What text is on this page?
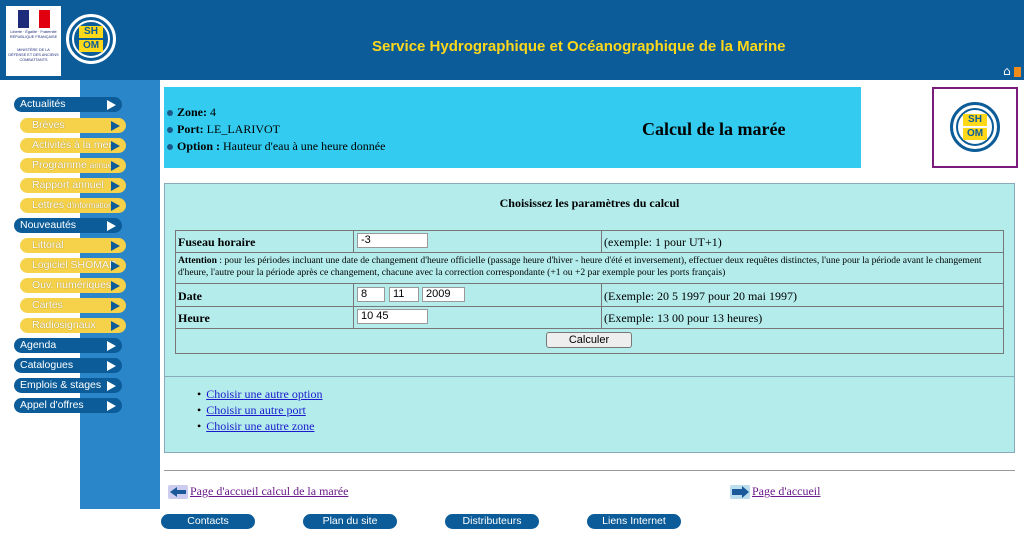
Liberté · Égalité · Fraternité RÉPUBLIQUE FRANÇAISE
MINISTÈRE DE LA DÉFENSE ET DES ANCIENS COMBATTANTS
SH
OM	Service Hydrographique et Océanographique de la Marine
⌂
Actualités
Brèves
Activités à la mer
Programme annuel
Rapport annuel
Lettres d'information
Nouveautés
Littoral
Logiciel SHOMAR
Ouv. numériques
Cartes
Radiosignaux
Agenda
Catalogues
Emplois & stages
Appel d'offres
Zone: 4
Port: LE_LARIVOT
Option : Hauteur d'eau à une heure donnée
Calcul de la marée	SH
OM
Choisissez les paramètres du calcul
Fuseau horaire	-3	(exemple: 1 pour UT+1)
Attention : pour les périodes incluant une date de changement d'heure officielle (passage heure d'hiver - heure d'été et inversement), effectuer deux requêtes distinctes, l'une pour la période avant le changement d'heure, l'autre pour la période après ce changement, chacune avec la correction correspondante (+1 ou +2 par exemple pour les ports français)
Date	8	11	2009	(Exemple: 20 5 1997 pour 20 mai 1997)
Heure	10 45	(Exemple: 13 00 pour 13 heures)
Calculer
• Choisir une autre option
• Choisir un autre port
• Choisir une autre zone
Page d'accueil calcul de la marée	Page d'accueil
Contacts	Plan du site	Distributeurs	Liens Internet
